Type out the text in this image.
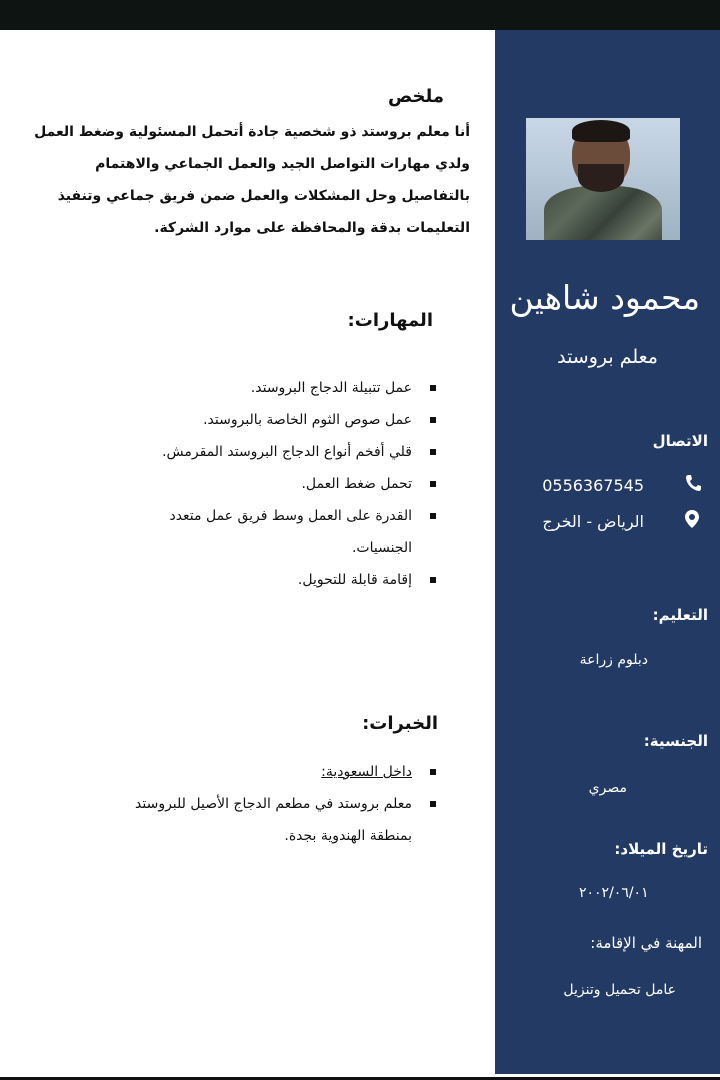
ملخص
أنا معلم بروستد ذو شخصية جادة أتحمل المسئولية وضغط العمل ولدي مهارات التواصل الجيد والعمل الجماعي والاهتمام بالتفاصيل وحل المشكلات والعمل ضمن فريق جماعي وتنفيذ التعليمات بدقة والمحافظة على موارد الشركة.
المهارات:
عمل تتبيلة الدجاج البروستد.
عمل صوص الثوم الخاصة بالبروستد.
قلي أفخم أنواع الدجاج البروستد المقرمش.
تحمل ضغط العمل.
القدرة على العمل وسط فريق عمل متعدد الجنسيات.
إقامة قابلة للتحويل.
الخبرات:
داخل السعودية:
معلم بروستد في مطعم الدجاج الأصيل للبروستد بمنطقة الهندوية بجدة.
محمود شاهين
معلم بروستد
الاتصال
0556367545
الرياض - الخرج
التعليم:
دبلوم زراعة
الجنسية:
مصري
تاريخ الميلاد:
٢٠٠٢/٠٦/٠١
المهنة في الإقامة:
عامل تحميل وتنزيل
